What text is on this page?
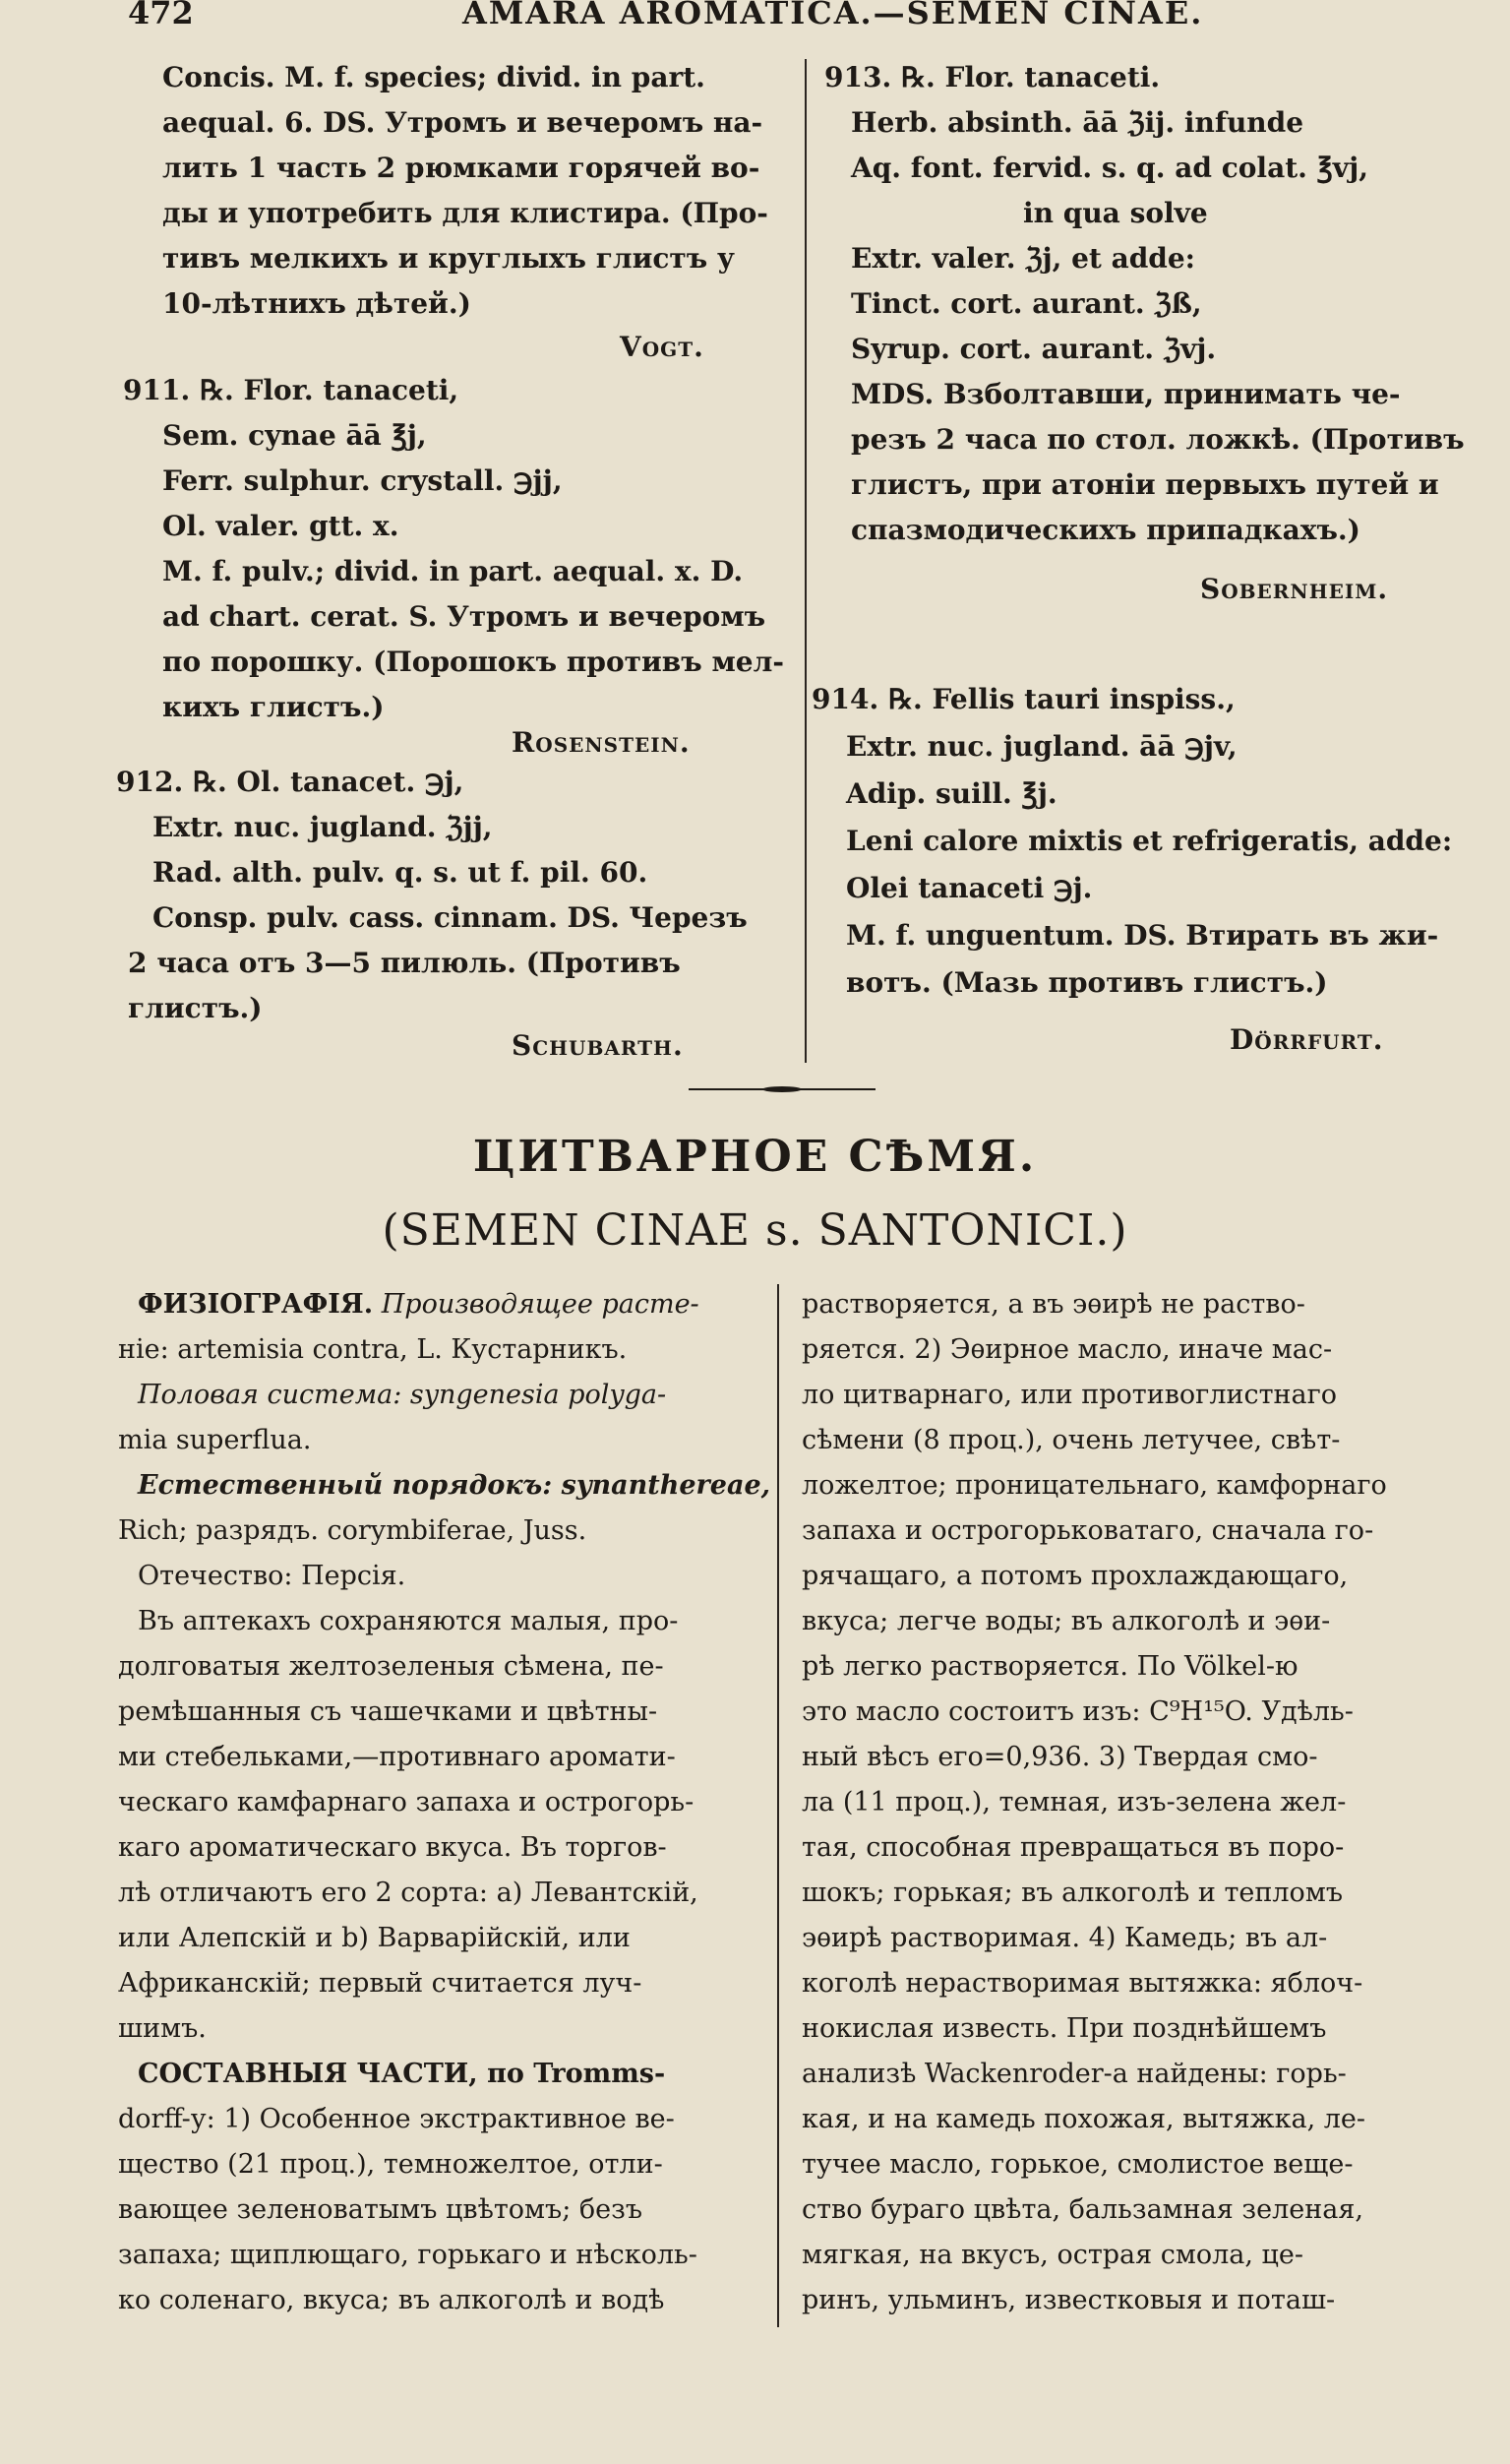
472	AMARA AROMATICA.—SEMEN CINAE.
Concis. M. f. species; divid. in part.
aequal. 6. DS. Утромъ и вечеромъ на-
лить 1 часть 2 рюмками горячей во-
ды и употребить для клистира. (Про-
тивъ мелкихъ и круглыхъ глистъ у
10-лѣтнихъ дѣтей.)
Vogt.
911. ℞. Flor. tanaceti,
Sem. cynae āā ℥j,
Ferr. sulphur. crystall. ℈jj,
Ol. valer. gtt. x.
M. f. pulv.; divid. in part. aequal. x. D.
ad chart. cerat. S. Утромъ и вечеромъ
по порошку. (Порошокъ противъ мел-
кихъ глистъ.)
Rosenstein.
912. ℞. Ol. tanacet. ℈j,
Extr. nuc. jugland. ℨjj,
Rad. alth. pulv. q. s. ut f. pil. 60.
Consp. pulv. cass. cinnam. DS. Черезъ
2 часа отъ 3—5 пилюль. (Противъ
глистъ.)
Schubarth.
913. ℞. Flor. tanaceti.
Herb. absinth. āā ℨij. infunde
Aq. font. fervid. s. q. ad colat. ℥vj,
in qua solve
Extr. valer. ℨj, et adde:
Tinct. cort. aurant. ℨß,
Syrup. cort. aurant. ℨvj.
MDS. Взболтавши, принимать че-
резъ 2 часа по стол. ложкѣ. (Противъ
глистъ, при атоніи первыхъ путей и
спазмодическихъ припадкахъ.)
Sobernheim.
914. ℞. Fellis tauri inspiss.,
Extr. nuc. jugland. āā ℈jv,
Adip. suill. ℥j.
Leni calore mixtis et refrigeratis, adde:
Olei tanaceti ℈j.
M. f. unguentum. DS. Втирать въ жи-
вотъ. (Мазь противъ глистъ.)
Dörrfurt.
ЦИТВАРНОЕ СѢМЯ.
(SEMEN CINAE s. SANTONICI.)
ФИЗІОГРАФІЯ. Производящее расте-
ніе: artemisia contra, L. Кустарникъ.
Половая система: syngenesia polyga-
mia superflua.
Естественный порядокъ: synanthereae,
Rich; разрядъ. corymbiferae, Juss.
Отечество: Персія.
Въ аптекахъ сохраняются малыя, про-
долговатыя желтозеленыя сѣмена, пе-
ремѣшанныя съ чашечками и цвѣтны-
ми стебельками,—противнаго аромати-
ческаго камфарнаго запаха и острогорь-
каго ароматическаго вкуса. Въ торгов-
лѣ отличаютъ его 2 сорта: а) Левантскій,
или Алепскій и b) Варварійскій, или
Африканскій; первый считается луч-
шимъ.
СОСТАВНЫЯ ЧАСТИ, по Tromms-
dorff-у: 1) Особенное экстрактивное ве-
щество (21 проц.), темножелтое, отли-
вающее зеленоватымъ цвѣтомъ; безъ
запаха; щиплющаго, горькаго и нѣсколь-
ко соленаго, вкуса; въ алкоголѣ и водѣ
растворяется, а въ эѳирѣ не раство-
ряется. 2) Эѳирное масло, иначе мас-
ло цитварнаго, или противоглистнаго
сѣмени (8 проц.), очень летучее, свѣт-
ложелтое; проницательнаго, камфорнаго
запаха и острогорьковатаго, сначала го-
рячащаго, а потомъ прохлаждающаго,
вкуса; легче воды; въ алкоголѣ и эѳи-
рѣ легко растворяется. По Völkel-ю
это масло состоитъ изъ: C⁹H¹⁵O. Удѣль-
ный вѣсъ его=0,936. 3) Твердая смо-
ла (11 проц.), темная, изъ-зелена жел-
тая, способная превращаться въ поро-
шокъ; горькая; въ алкоголѣ и тепломъ
эѳирѣ растворимая. 4) Камедь; въ ал-
коголѣ нерастворимая вытяжка: яблоч-
нокислая известь. При позднѣйшемъ
анализѣ Wackenroder-а найдены: горь-
кая, и на камедь похожая, вытяжка, ле-
тучее масло, горькое, смолистое веще-
ство бураго цвѣта, бальзамная зеленая,
мягкая, на вкусъ, острая смола, це-
ринъ, ульминъ, известковыя и поташ-
